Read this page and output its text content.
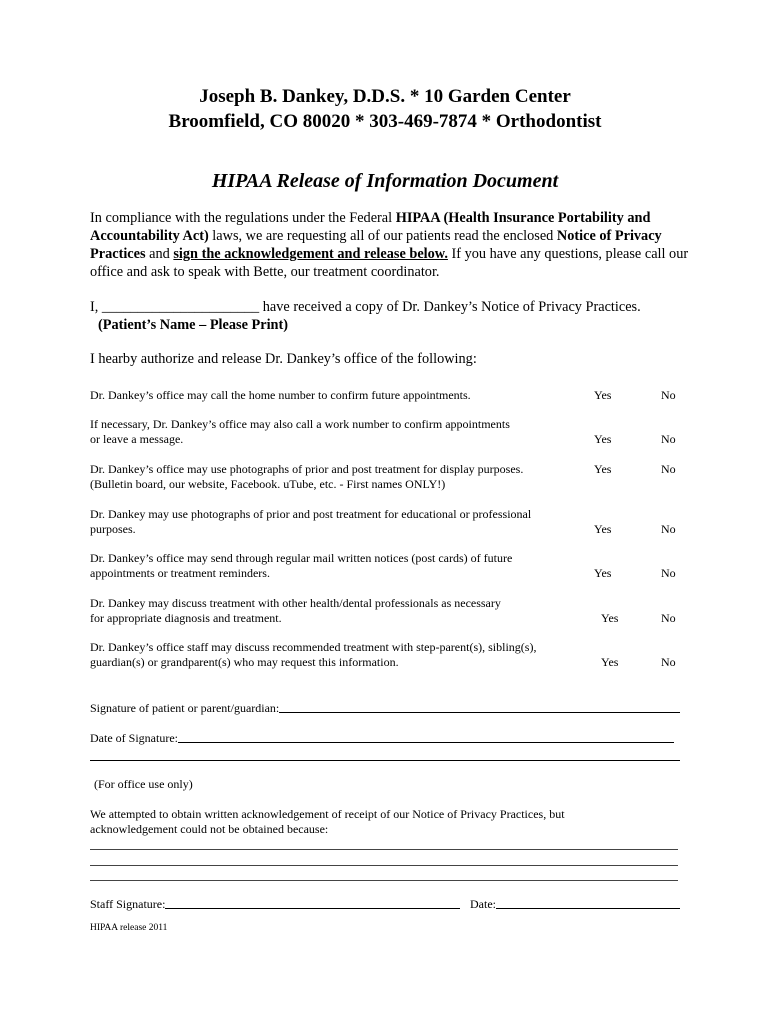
Joseph B. Dankey, D.D.S. * 10 Garden Center
Broomfield, CO 80020 * 303-469-7874 * Orthodontist
HIPAA Release of Information Document
In compliance with the regulations under the Federal HIPAA (Health Insurance Portability and Accountability Act) laws, we are requesting all of our patients read the enclosed Notice of Privacy Practices and sign the acknowledgement and release below. If you have any questions, please call our office and ask to speak with Bette, our treatment coordinator.
I, ______________________ have received a copy of Dr. Dankey’s Notice of Privacy Practices.
(Patient’s Name – Please Print)
I hearby authorize and release Dr. Dankey’s office of the following:
Dr. Dankey’s office may call the home number to confirm future appointments.	Yes	No
If necessary, Dr. Dankey’s office may also call a work number to confirm appointments
or leave a message.	Yes	No
Dr. Dankey’s office may use photographs of prior and post treatment for display purposes.
(Bulletin board, our website, Facebook. uTube, etc. - First names ONLY!)
Yes	No
Dr. Dankey may use photographs of prior and post treatment for educational or professional
purposes.	Yes	No
Dr. Dankey’s office may send through regular mail written notices (post cards) of future
appointments or treatment reminders.	Yes	No
Dr. Dankey may discuss treatment with other health/dental professionals as necessary
for appropriate diagnosis and treatment.	Yes	No
Dr. Dankey’s office staff may discuss recommended treatment with step-parent(s), sibling(s),
guardian(s) or grandparent(s) who may request this information.	Yes	No
Signature of patient or parent/guardian:
Date of Signature:
(For office use only)
We attempted to obtain written acknowledgement of receipt of our Notice of Privacy Practices, but
acknowledgement could not be obtained because:
Staff Signature:	Date:
HIPAA release 2011
